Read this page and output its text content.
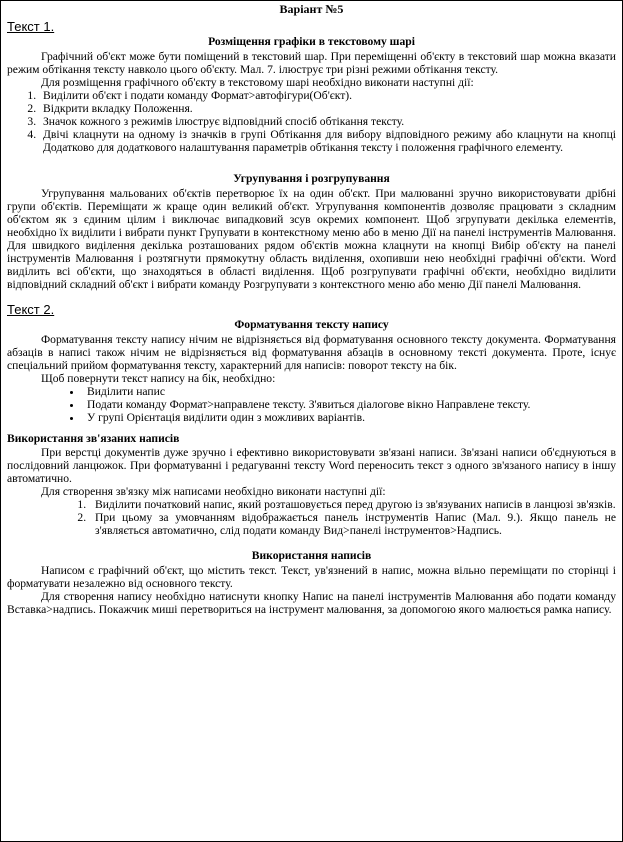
Варіант №5
Текст 1.
Розміщення графіки в текстовому шарі

Графічний об'єкт може бути поміщений в текстовий шар. При переміщенні об'єкту в текстовий шар можна вказати режим обтікання тексту навколо цього об'єкту. Мал. 7. ілюструє три різні режими обтікання тексту.

Для розміщення графічного об'єкту в текстовому шарі необхідно виконати наступні дії:

1. Виділити об'єкт і подати команду Формат>автофігури(Об'єкт).
2. Відкрити вкладку Положення.
3. Значок кожного з режимів ілюструє відповідний спосіб обтікання тексту.
4. Двічі клацнути на одному із значків в групі Обтікання для вибору відповідного режиму або клацнути на кнопці Додатково для додаткового налаштування параметрів обтікання тексту і положення графічного елементу.
Угрупування і розгрупування

Угрупування мальованих об'єктів перетворює їх на один об'єкт. При малюванні зручно використовувати дрібні групи об'єктів. Переміщати ж краще один великий об'єкт. Угрупування компонентів дозволяє працювати з складним об'єктом як з єдиним цілим і виключає випадковий зсув окремих компонент. Щоб згрупувати декілька елементів, необхідно їх виділити і вибрати пункт Групувати в контекстному меню або в меню Дії на панелі інструментів Малювання. Для швидкого виділення декілька розташованих рядом об'єктів можна клацнути на кнопці Вибір об'єкту на панелі інструментів Малювання і розтягнути прямокутну область виділення, охопивши нею необхідні графічні об'єкти. Word виділить всі об'єкти, що знаходяться в області виділення. Щоб розгрупувати графічні об'єкти, необхідно виділити відповідний складний об'єкт і вибрати команду Розгрупувати з контекстного меню або меню Дії панелі Малювання.

Текст 2.
Форматування тексту напису

Форматування тексту напису нічим не відрізняється від форматування основного тексту документа. Форматування абзаців в написі також нічим не відрізняється від форматування абзаців в основному тексті документа. Проте, існує спеціальний прийом форматування тексту, характерний для написів: поворот тексту на бік.

Щоб повернути текст напису на бік, необхідно:

• Виділити напис
• Подати команду Формат>направлене тексту. З'явиться діалогове вікно Направлене тексту.
• У групі Орієнтація виділити один з можливих варіантів.
Використання зв'язаних написів

При верстці документів дуже зручно і ефективно використовувати зв'язані написи. Зв'язані написи об'єднуються в послідовний ланцюжок. При форматуванні і редагуванні тексту Word переносить текст з одного зв'язаного напису в іншу автоматично.

Для створення зв'язку між написами необхідно виконати наступні дії:

1. Виділити початковий напис, який розташовується перед другою із зв'язуваних написів в ланцюзі зв'язків.
2. При цьому за умовчанням відображається панель інструментів Напис (Мал. 9.). Якщо панель не з'являється автоматично, слід подати команду Вид>панелі інструментов>Надпись.
Використання написів

Написом є графічний об'єкт, що містить текст. Текст, ув'язнений в напис, можна вільно переміщати по сторінці і форматувати незалежно від основного тексту.

Для створення напису необхідно натиснути кнопку Напис на панелі інструментів Малювання або подати команду Вставка>надпись. Покажчик миші перетвориться на інструмент малювання, за допомогою якого малюється рамка напису.
